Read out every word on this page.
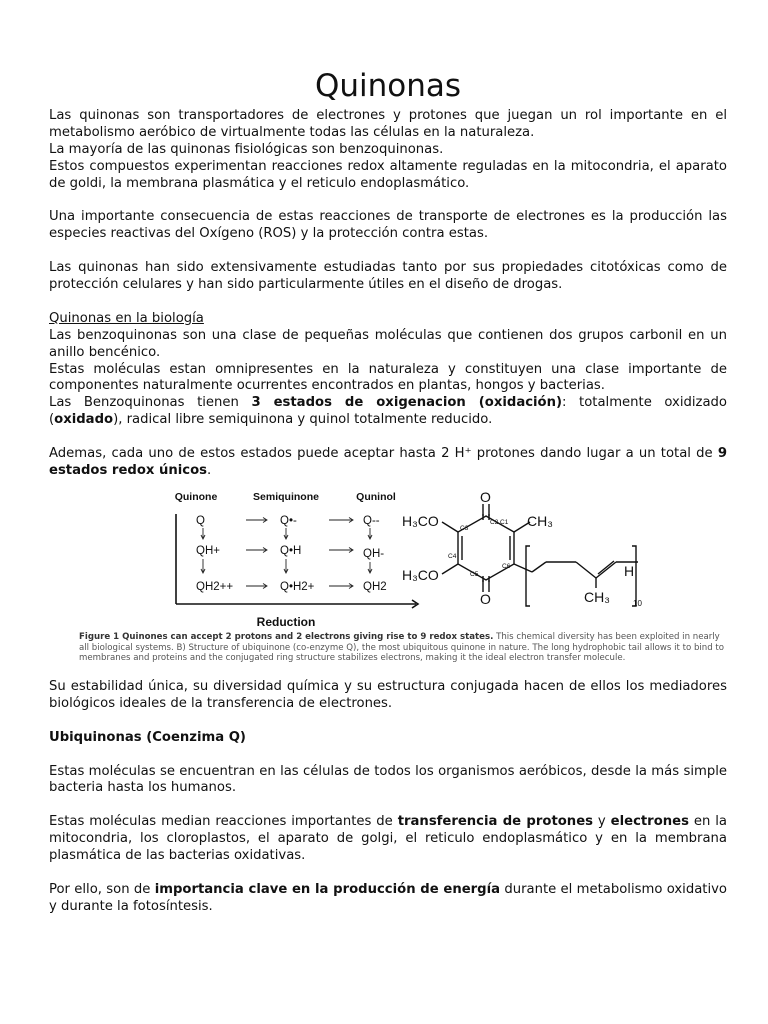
Quinonas

Las quinonas son transportadores de electrones y protones que juegan un rol importante en el metabolismo aeróbico de virtualmente todas las células en la naturaleza.

La mayoría de las quinonas fisiológicas son benzoquinonas.

Estos compuestos experimentan reacciones redox altamente reguladas en la mitocondria, el aparato de goldi, la membrana plasmática y el reticulo endoplasmático.

Una importante consecuencia de estas reacciones de transporte de electrones es la producción las especies reactivas del Oxígeno (ROS) y la protección contra estas.

Las quinonas han sido extensivamente estudiadas tanto por sus propiedades citotóxicas como de protección celulares y han sido particularmente útiles en el diseño de drogas.

Quinonas en la biología

Las benzoquinonas son una clase de pequeñas moléculas que contienen dos grupos carbonil en un anillo bencénico.

Estas moléculas estan omnipresentes en la naturaleza y constituyen una clase importante de componentes naturalmente ocurrentes encontrados en plantas, hongos y bacterias.

Las Benzoquinonas tienen 3 estados de oxigenacion (oxidación): totalmente oxidizado (oxidado), radical libre semiquinona y quinol totalmente reducido.

Ademas, cada uno de estos estados puede aceptar hasta 2 H⁺ protones dando lugar a un total de 9 estados redox únicos.

Quinone	Semiquinone	Quninol
Q	Q•-	Q--
QH+	Q•H	QH-
QH2++	Q•H2+	QH2
Reduction
O
O
H₃CO
H₃CO
CH₃
CH₃
H
10
C1
C2
C3
C4
C5
C6
Figure 1 Quinones can accept 2 protons and 2 electrons giving rise to 9 redox states. This chemical diversity has been exploited in nearly all biological systems. B) Structure of ubiquinone (co-enzyme Q), the most ubiquitous quinone in nature. The long hydrophobic tail allows it to bind to membranes and proteins and the conjugated ring structure stabilizes electrons, making it the ideal electron transfer molecule.

Su estabilidad única, su diversidad química y su estructura conjugada hacen de ellos los mediadores biológicos ideales de la transferencia de electrones.

Ubiquinonas (Coenzima Q)

Estas moléculas se encuentran en las células de todos los organismos aeróbicos, desde la más simple bacteria hasta los humanos.

Estas moléculas median reacciones importantes de transferencia de protones y electrones en la mitocondria, los cloroplastos, el aparato de golgi, el reticulo endoplasmático y en la membrana plasmática de las bacterias oxidativas.

Por ello, son de importancia clave en la producción de energía durante el metabolismo oxidativo y durante la fotosíntesis.
